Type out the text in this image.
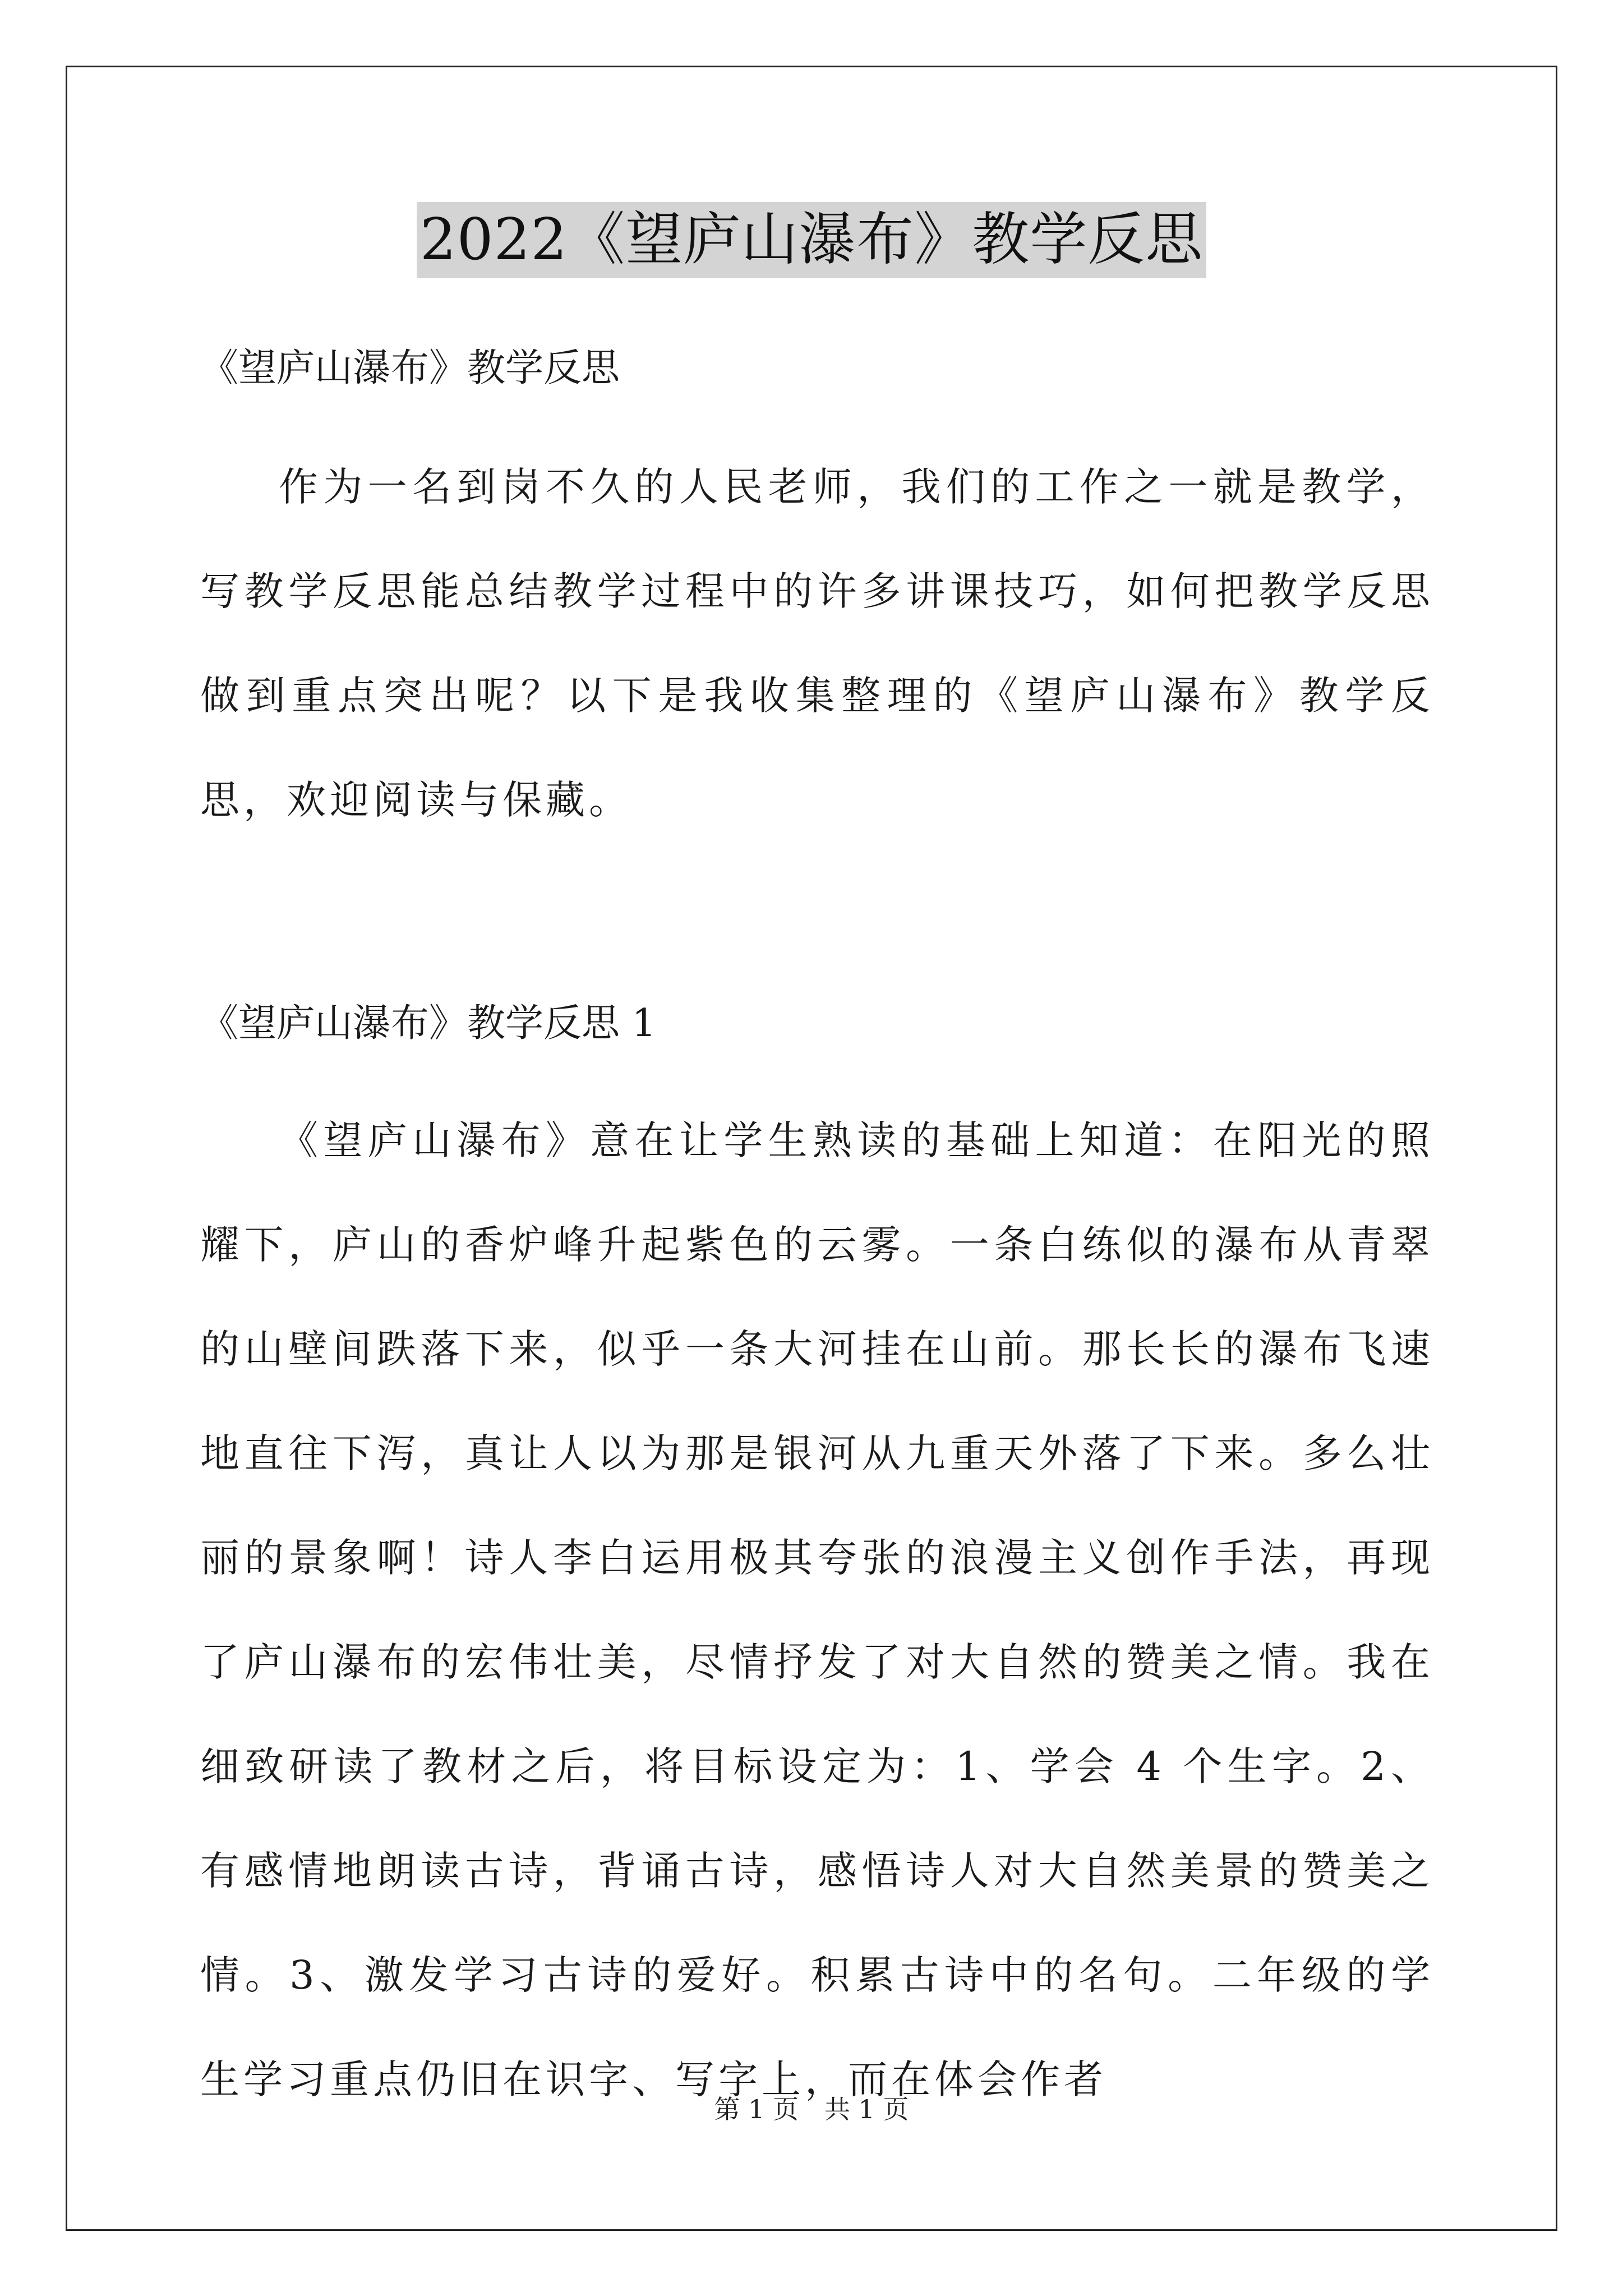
2022《望庐山瀑布》教学反思
《望庐山瀑布》教学反思
作为一名到岗不久的人民老师，我们的工作之一就是教学，写教学反思能总结教学过程中的许多讲课技巧，如何把教学反思做到重点突出呢？以下是我收集整理的《望庐山瀑布》教学反思，欢迎阅读与保藏。
《望庐山瀑布》教学反思 1
《望庐山瀑布》意在让学生熟读的基础上知道：在阳光的照耀下，庐山的香炉峰升起紫色的云雾。一条白练似的瀑布从青翠的山壁间跌落下来，似乎一条大河挂在山前。那长长的瀑布飞速地直往下泻，真让人以为那是银河从九重天外落了下来。多么壮丽的景象啊！诗人李白运用极其夸张的浪漫主义创作手法，再现了庐山瀑布的宏伟壮美，尽情抒发了对大自然的赞美之情。我在细致研读了教材之后，将目标设定为：1、学会 4 个生字。2、有感情地朗读古诗，背诵古诗，感悟诗人对大自然美景的赞美之情。3、激发学习古诗的爱好。积累古诗中的名句。二年级的学生学习重点仍旧在识字、写字上，而在体会作者
第 1 页　共 1 页
